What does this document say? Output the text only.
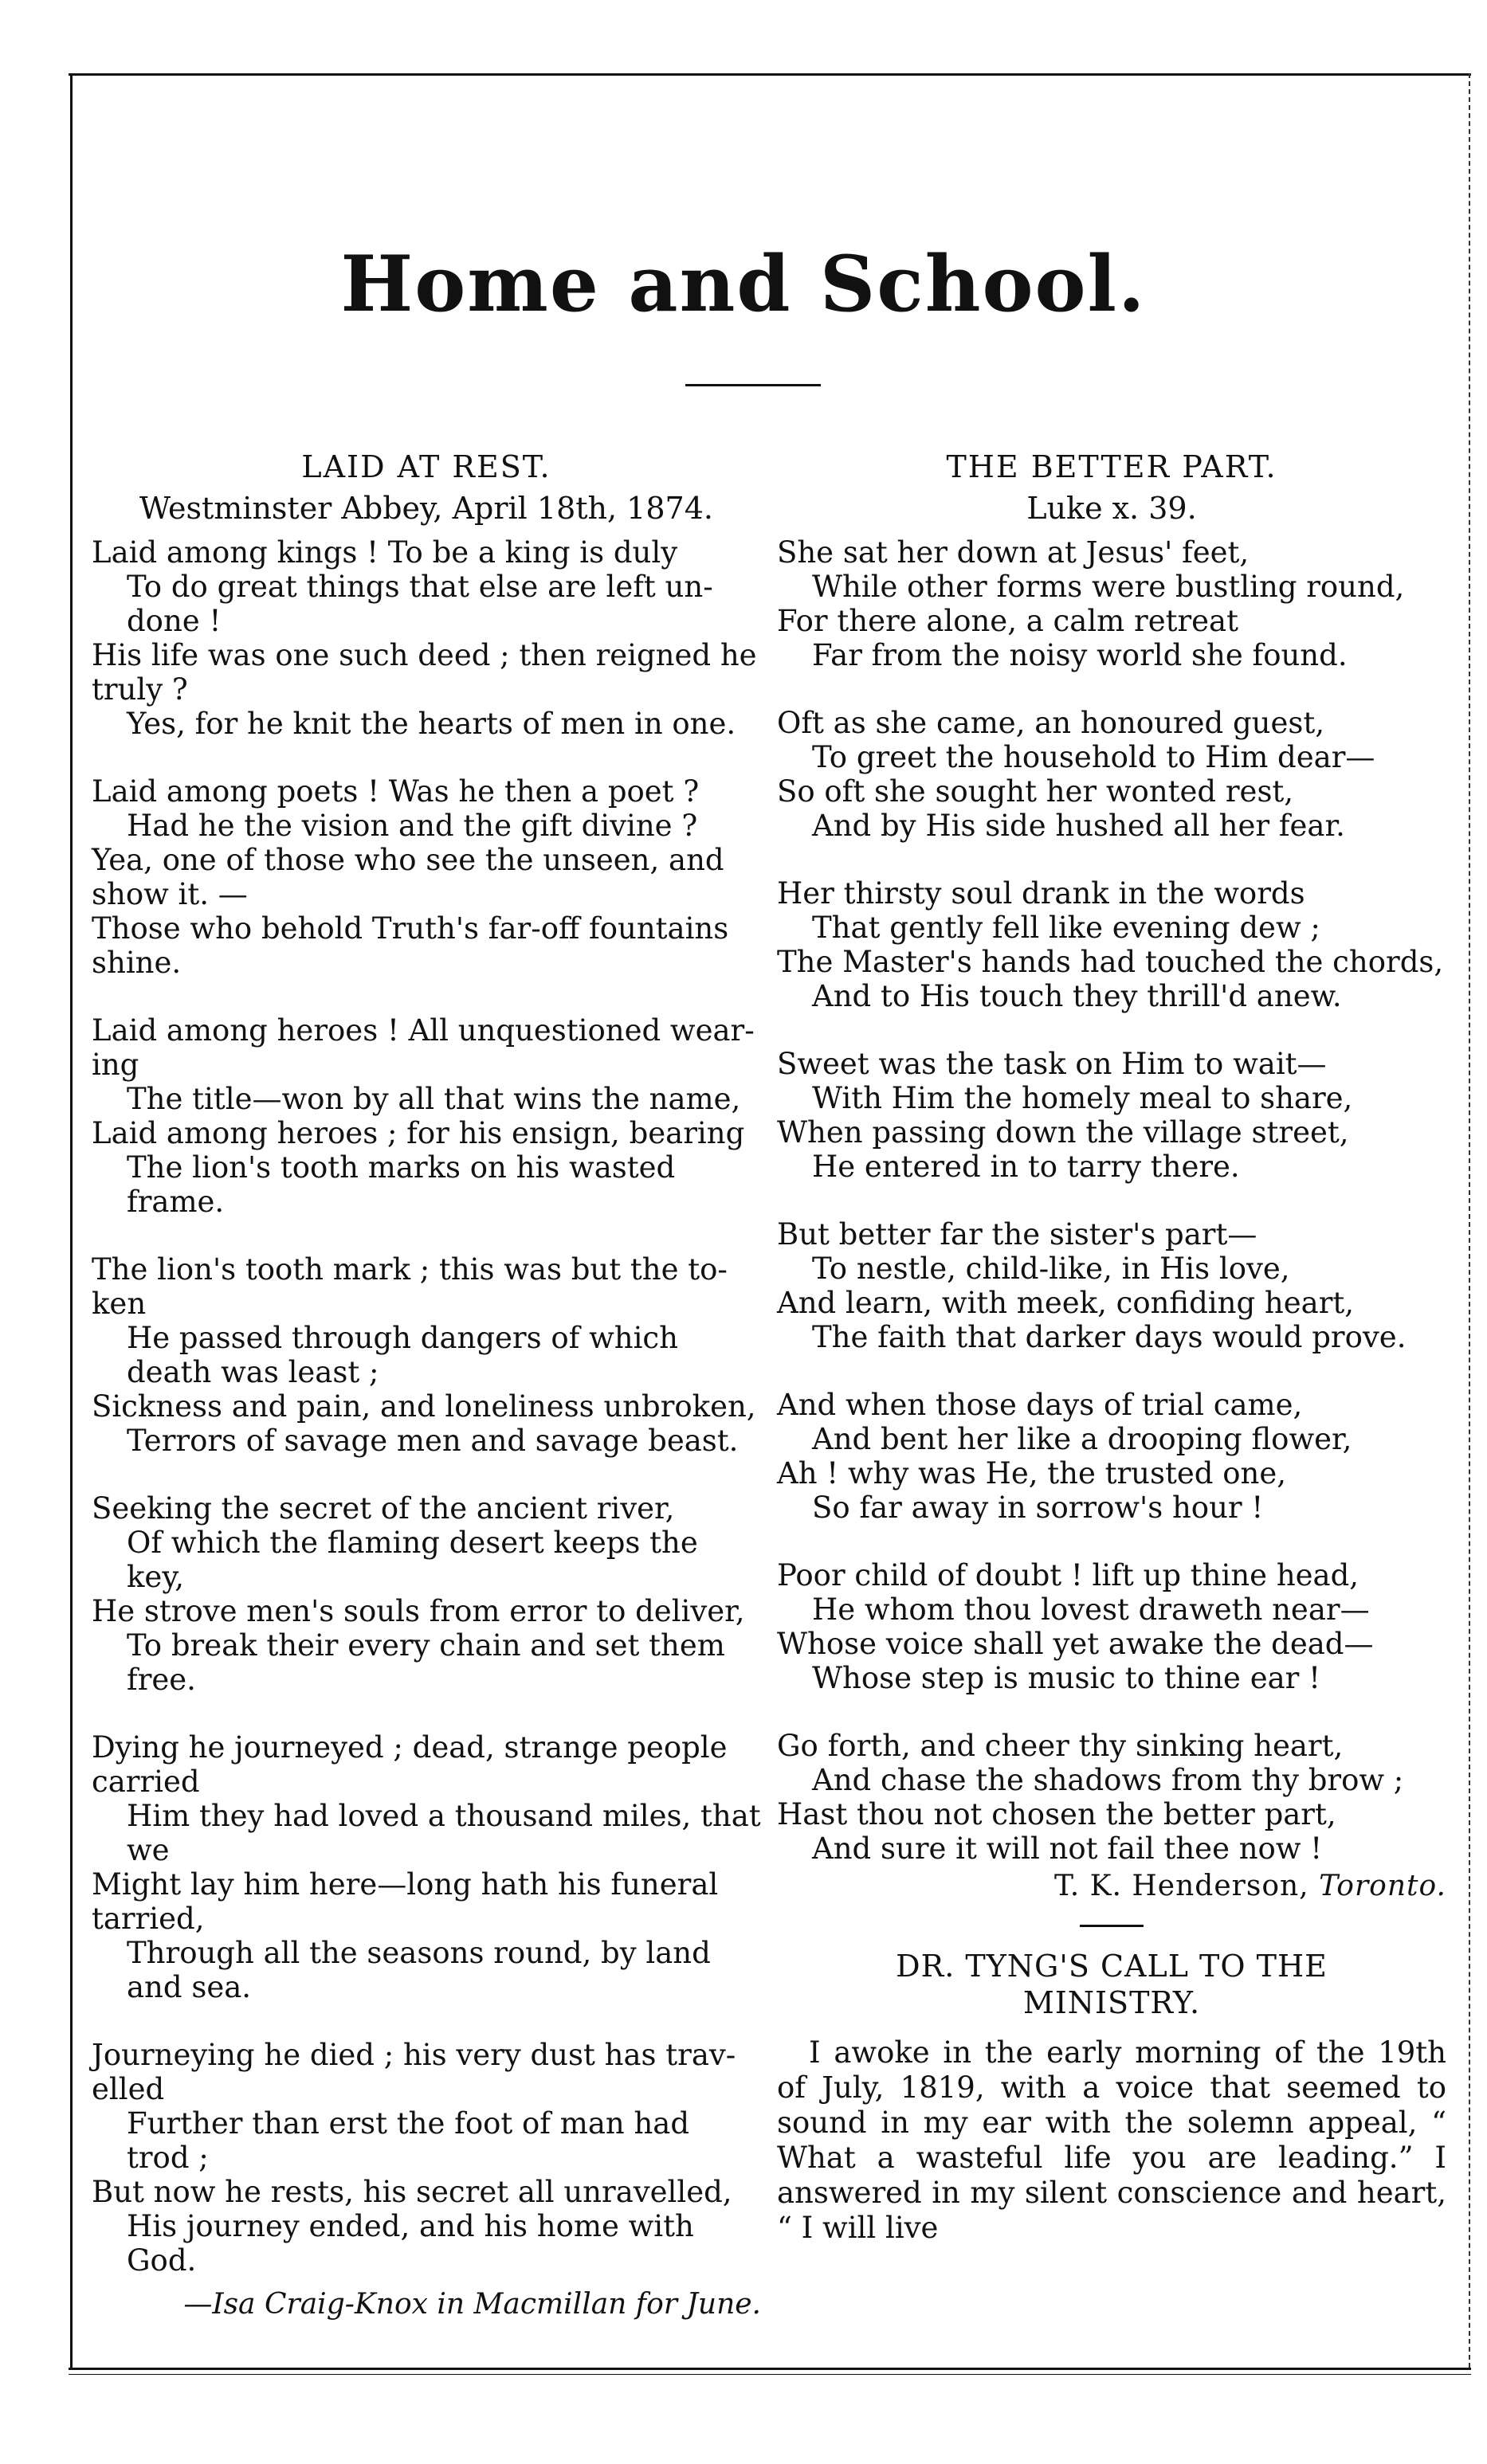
Home and School.

LAID AT REST.

Westminster Abbey, April 18th, 1874.

Laid among kings ! To be a king is duly
To do great things that else are left un-done !
His life was one such deed ; then reigned he truly ?
Yes, for he knit the hearts of men in one.
Laid among poets ! Was he then a poet ?
Had he the vision and the gift divine ?
Yea, one of those who see the unseen, and show it. —
Those who behold Truth's far-off fountains shine.
Laid among heroes ! All unquestioned wear-ing
The title—won by all that wins the name,
Laid among heroes ; for his ensign, bearing
The lion's tooth marks on his wasted frame.
The lion's tooth mark ; this was but the to-ken
He passed through dangers of which death was least ;
Sickness and pain, and loneliness unbroken,
Terrors of savage men and savage beast.
Seeking the secret of the ancient river,
Of which the flaming desert keeps the key,
He strove men's souls from error to deliver,
To break their every chain and set them free.
Dying he journeyed ; dead, strange people carried
Him they had loved a thousand miles, that we
Might lay him here—long hath his funeral tarried,
Through all the seasons round, by land and sea.
Journeying he died ; his very dust has trav-elled
Further than erst the foot of man had trod ;
But now he rests, his secret all unravelled,
His journey ended, and his home with God.
—Isa Craig-Knox in Macmillan for June.

THE BETTER PART.

Luke x. 39.

She sat her down at Jesus' feet,
While other forms were bustling round,
For there alone, a calm retreat
Far from the noisy world she found.
Oft as she came, an honoured guest,
To greet the household to Him dear—
So oft she sought her wonted rest,
And by His side hushed all her fear.
Her thirsty soul drank in the words
That gently fell like evening dew ;
The Master's hands had touched the chords,
And to His touch they thrill'd anew.
Sweet was the task on Him to wait—
With Him the homely meal to share,
When passing down the village street,
He entered in to tarry there.
But better far the sister's part—
To nestle, child-like, in His love,
And learn, with meek, confiding heart,
The faith that darker days would prove.
And when those days of trial came,
And bent her like a drooping flower,
Ah ! why was He, the trusted one,
So far away in sorrow's hour !
Poor child of doubt ! lift up thine head,
He whom thou lovest draweth near—
Whose voice shall yet awake the dead—
Whose step is music to thine ear !
Go forth, and cheer thy sinking heart,
And chase the shadows from thy brow ;
Hast thou not chosen the better part,
And sure it will not fail thee now !
T. K. Henderson, Toronto.
DR. TYNG'S CALL TO THE
MINISTRY.

I awoke in the early morning of the 19th of July, 1819, with a voice that seemed to sound in my ear with the solemn appeal, “ What a wasteful life you are leading.” I answered in my silent conscience and heart, “ I will live
